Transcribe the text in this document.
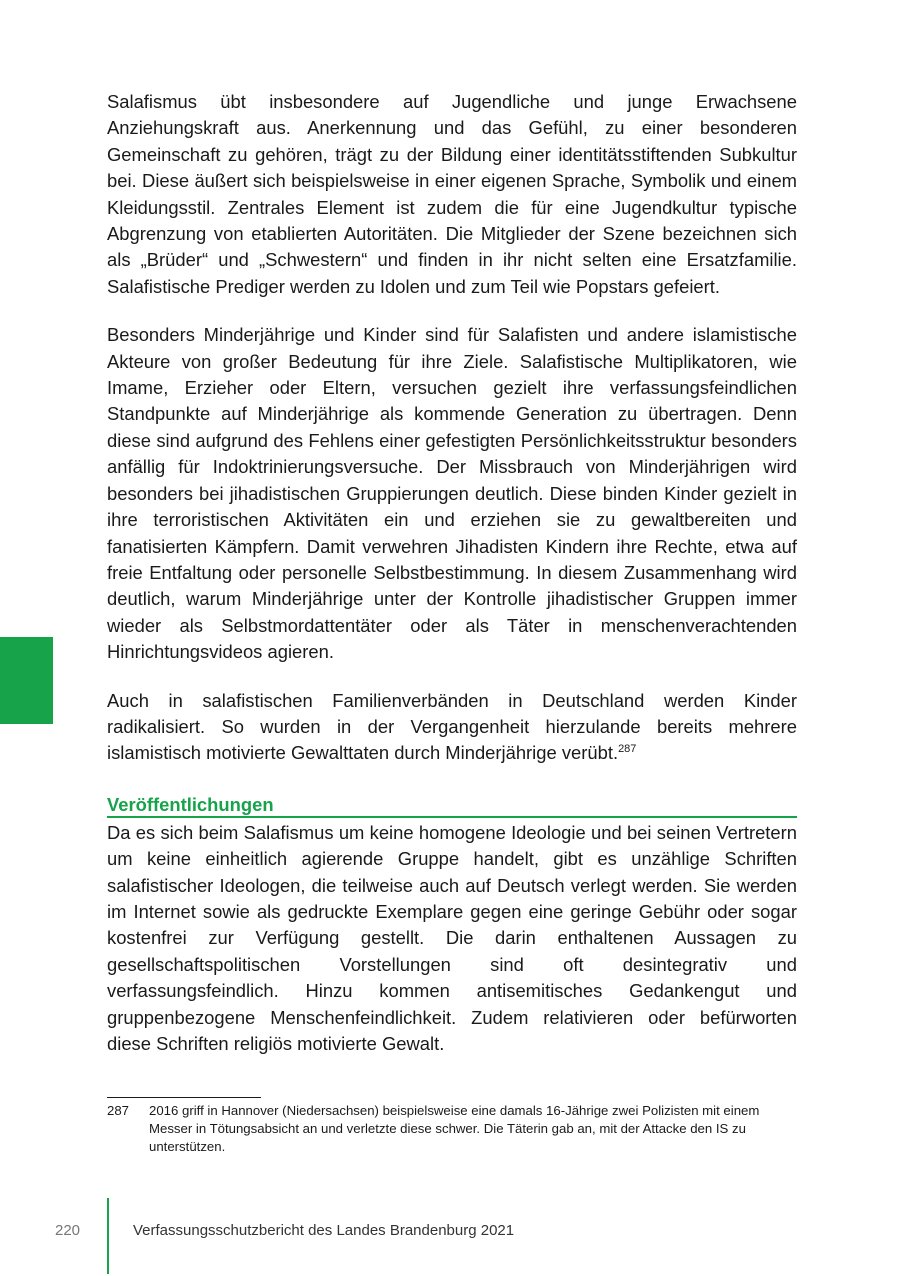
Salafismus übt insbesondere auf Jugendliche und junge Erwachsene Anziehungskraft aus. Anerkennung und das Gefühl, zu einer besonderen Gemeinschaft zu gehören, trägt zu der Bildung einer identitätsstiftenden Subkultur bei. Diese äußert sich beispielsweise in einer eigenen Sprache, Symbolik und einem Kleidungsstil. Zentrales Element ist zudem die für eine Jugendkultur typische Abgrenzung von etablierten Autoritäten. Die Mitglieder der Szene bezeichnen sich als „Brüder“ und „Schwestern“ und finden in ihr nicht selten eine Ersatzfamilie. Salafistische Prediger werden zu Idolen und zum Teil wie Popstars gefeiert.

Besonders Minderjährige und Kinder sind für Salafisten und andere islamistische Akteure von großer Bedeutung für ihre Ziele. Salafistische Multiplikatoren, wie Imame, Erzieher oder Eltern, versuchen gezielt ihre verfassungsfeindlichen Standpunkte auf Minderjährige als kommende Generation zu übertragen. Denn diese sind aufgrund des Fehlens einer gefestigten Persönlichkeitsstruktur besonders anfällig für Indoktrinierungsversuche. Der Missbrauch von Minderjährigen wird besonders bei jihadistischen Gruppierungen deutlich. Diese binden Kinder gezielt in ihre terroristischen Aktivitäten ein und erziehen sie zu gewaltbereiten und fanatisierten Kämpfern. Damit verwehren Jihadisten Kindern ihre Rechte, etwa auf freie Entfaltung oder personelle Selbstbestimmung. In diesem Zusammenhang wird deutlich, warum Minderjährige unter der Kontrolle jihadistischer Gruppen immer wieder als Selbstmordattentäter oder als Täter in menschenverachtenden Hinrichtungsvideos agieren.

Auch in salafistischen Familienverbänden in Deutschland werden Kinder radikalisiert. So wurden in der Vergangenheit hierzulande bereits mehrere islamistisch motivierte Gewalttaten durch Minderjährige verübt.$^{287}$

Veröffentlichungen

Da es sich beim Salafismus um keine homogene Ideologie und bei seinen Vertretern um keine einheitlich agierende Gruppe handelt, gibt es unzählige Schriften salafistischer Ideologen, die teilweise auch auf Deutsch verlegt werden. Sie werden im Internet sowie als gedruckte Exemplare gegen eine geringe Gebühr oder sogar kostenfrei zur Verfügung gestellt. Die darin enthaltenen Aussagen zu gesellschaftspolitischen Vorstellungen sind oft desintegrativ und verfassungsfeindlich. Hinzu kommen antisemitisches Gedankengut und gruppenbezogene Menschenfeindlichkeit. Zudem relativieren oder befürworten diese Schriften religiös motivierte Gewalt.

287 2016 griff in Hannover (Niedersachsen) beispielsweise eine damals 16-Jährige zwei Polizisten mit einem Messer in Tötungsabsicht an und verletzte diese schwer. Die Täterin gab an, mit der Attacke den IS zu unterstützen.
220	Verfassungsschutzbericht des Landes Brandenburg 2021
